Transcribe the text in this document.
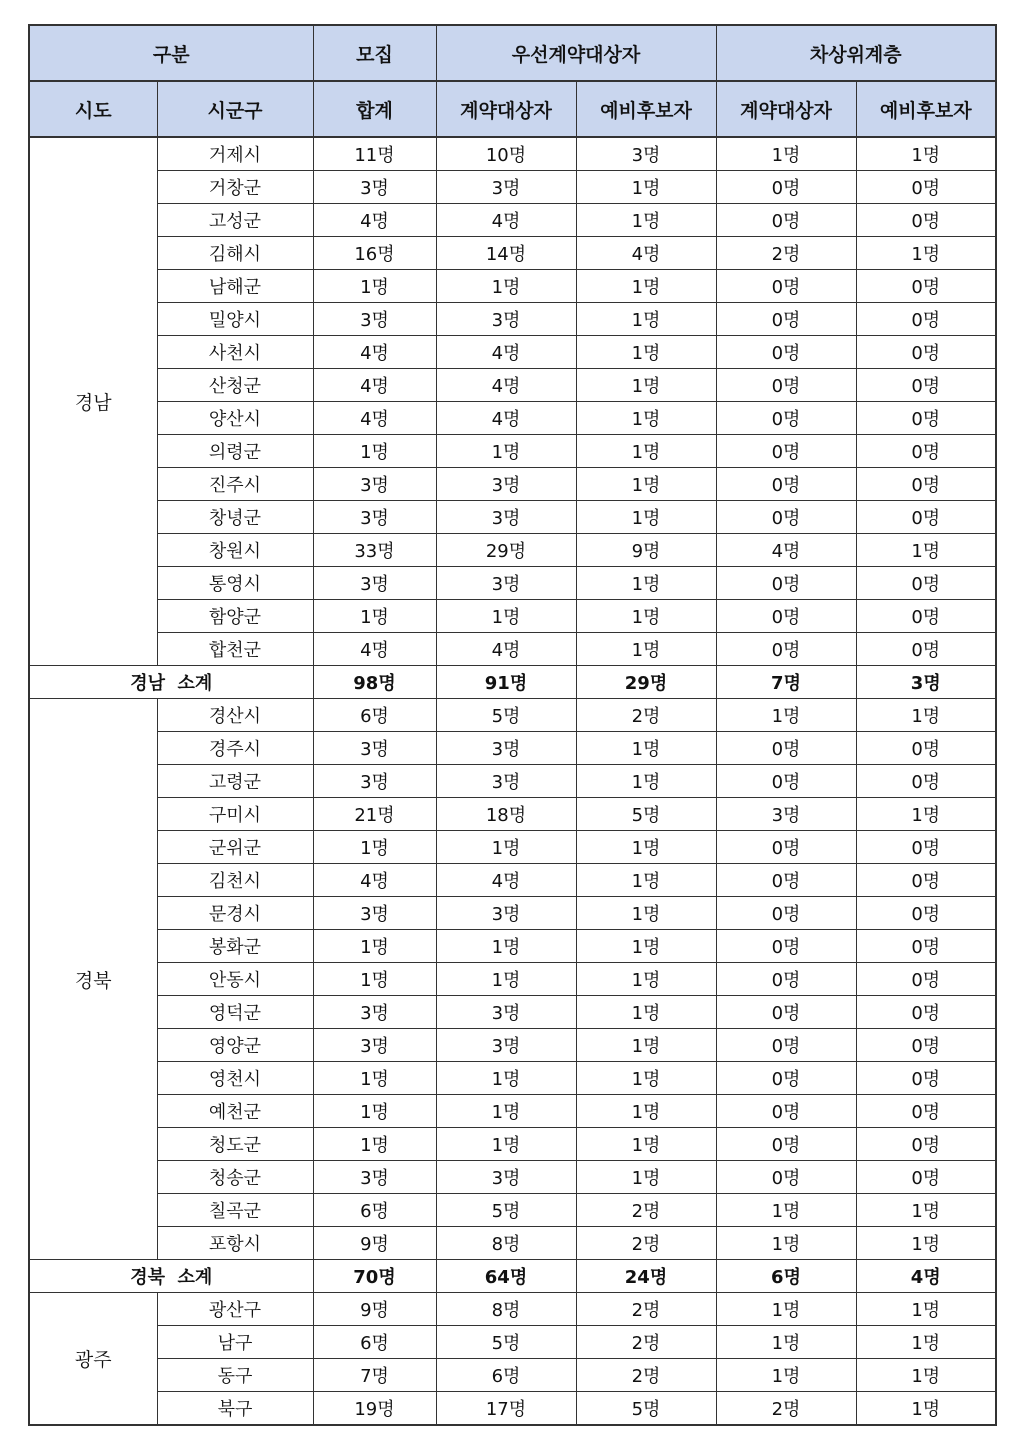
구분		모집	우선계약대상자		차상위계층	
시도	시군구	합계	계약대상자	예비후보자	계약대상자	예비후보자
경남	거제시	11명	10명	3명	1명	1명
	거창군	3명	3명	1명	0명	0명
	고성군	4명	4명	1명	0명	0명
	김해시	16명	14명	4명	2명	1명
	남해군	1명	1명	1명	0명	0명
	밀양시	3명	3명	1명	0명	0명
	사천시	4명	4명	1명	0명	0명
	산청군	4명	4명	1명	0명	0명
	양산시	4명	4명	1명	0명	0명
	의령군	1명	1명	1명	0명	0명
	진주시	3명	3명	1명	0명	0명
	창녕군	3명	3명	1명	0명	0명
	창원시	33명	29명	9명	4명	1명
	통영시	3명	3명	1명	0명	0명
	함양군	1명	1명	1명	0명	0명
	합천군	4명	4명	1명	0명	0명
경남  소계		98명	91명	29명	7명	3명
경북	경산시	6명	5명	2명	1명	1명
	경주시	3명	3명	1명	0명	0명
	고령군	3명	3명	1명	0명	0명
	구미시	21명	18명	5명	3명	1명
	군위군	1명	1명	1명	0명	0명
	김천시	4명	4명	1명	0명	0명
	문경시	3명	3명	1명	0명	0명
	봉화군	1명	1명	1명	0명	0명
	안동시	1명	1명	1명	0명	0명
	영덕군	3명	3명	1명	0명	0명
	영양군	3명	3명	1명	0명	0명
	영천시	1명	1명	1명	0명	0명
	예천군	1명	1명	1명	0명	0명
	청도군	1명	1명	1명	0명	0명
	청송군	3명	3명	1명	0명	0명
	칠곡군	6명	5명	2명	1명	1명
	포항시	9명	8명	2명	1명	1명
경북  소계		70명	64명	24명	6명	4명
광주	광산구	9명	8명	2명	1명	1명
	남구	6명	5명	2명	1명	1명
	동구	7명	6명	2명	1명	1명
	북구	19명	17명	5명	2명	1명
